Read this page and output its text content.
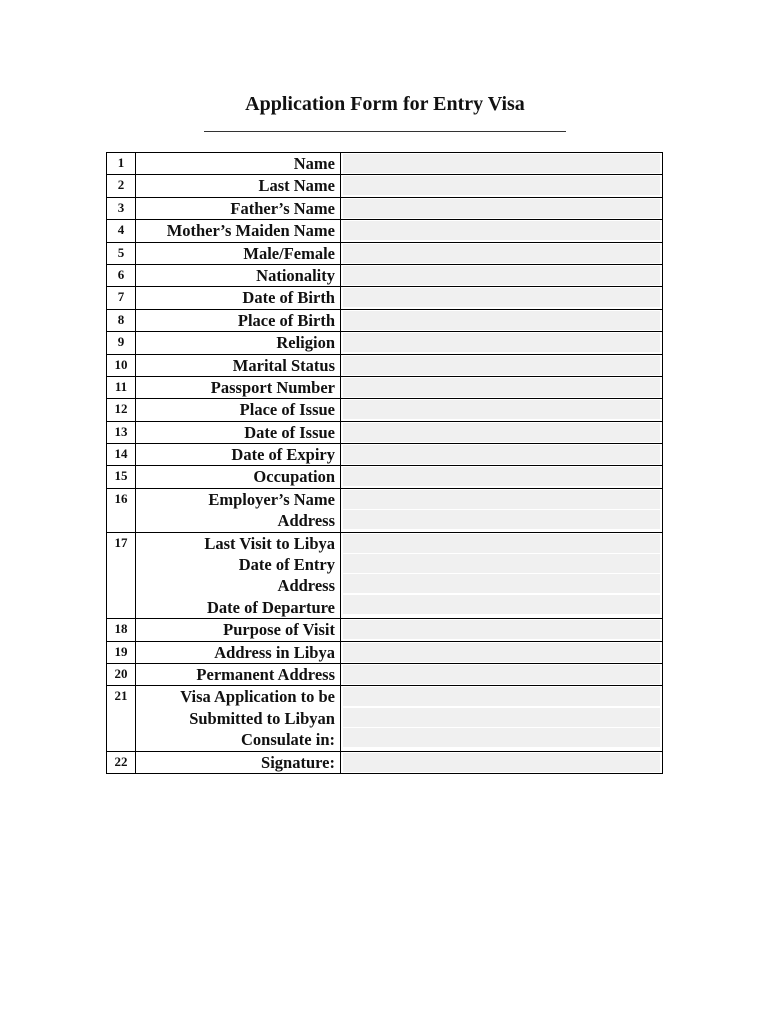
Application Form for Entry Visa
1	Name	

2	Last Name	

3	Father’s Name	

4	Mother’s Maiden Name	

5	Male/Female	

6	Nationality	

7	Date of Birth	

8	Place of Birth	

9	Religion	

10	Marital Status	

11	Passport Number	

12	Place of Issue	

13	Date of Issue	

14	Date of Expiry	

15	Occupation	

16	Employer’s Name
Address	

17	Last Visit to Libya
Date of Entry
Address
Date of Departure	

18	Purpose of Visit	

19	Address in Libya	

20	Permanent Address	

21	Visa Application to be
Submitted to Libyan
Consulate in:	

22	Signature:	
